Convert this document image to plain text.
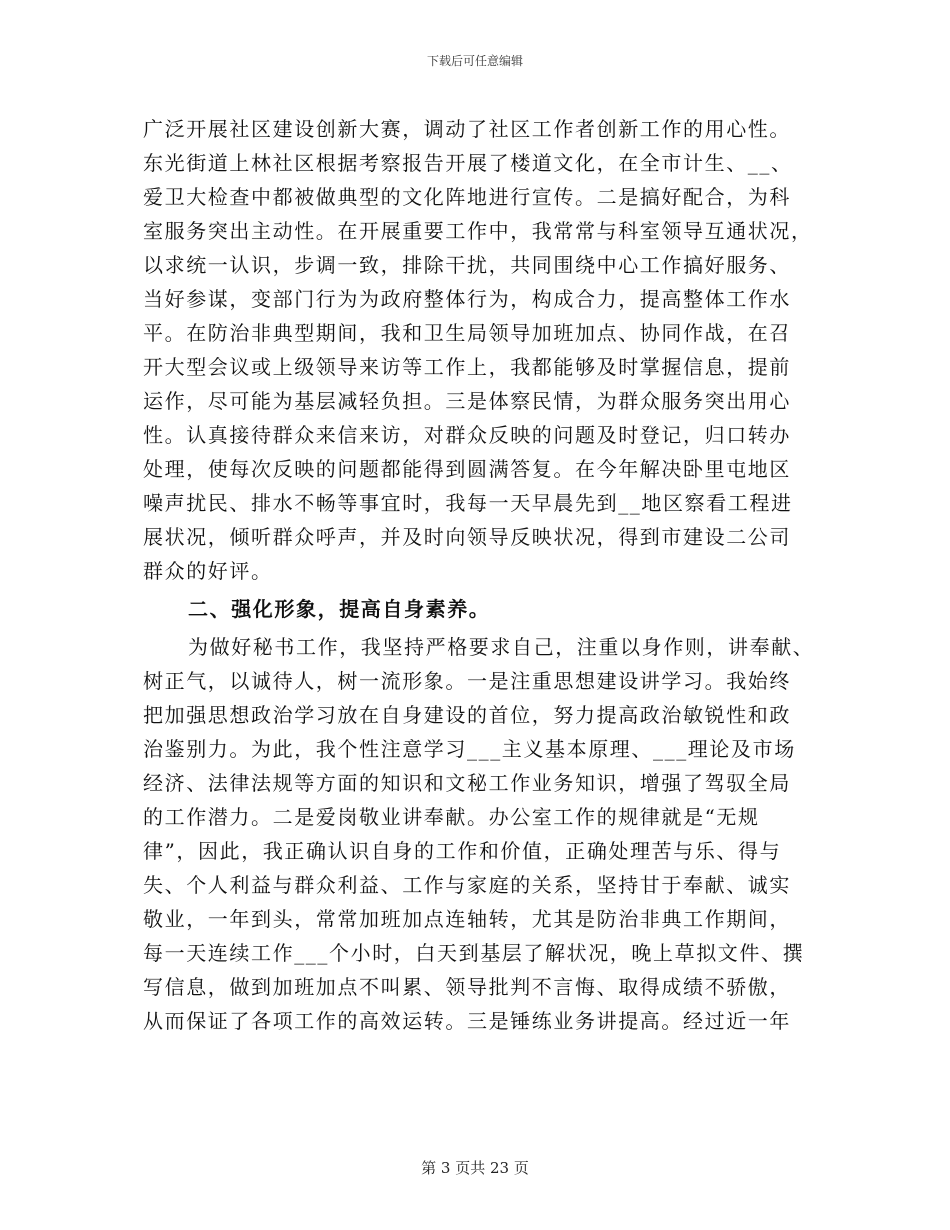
下载后可任意编辑
广泛开展社区建设创新大赛，调动了社区工作者创新工作的用心性。
东光街道上林社区根据考察报告开展了楼道文化，在全市计生、__、
爱卫大检查中都被做典型的文化阵地进行宣传。二是搞好配合，为科
室服务突出主动性。在开展重要工作中，我常常与科室领导互通状况，
以求统一认识，步调一致，排除干扰，共同围绕中心工作搞好服务、
当好参谋，变部门行为为政府整体行为，构成合力，提高整体工作水
平。在防治非典型期间，我和卫生局领导加班加点、协同作战，在召
开大型会议或上级领导来访等工作上，我都能够及时掌握信息，提前
运作，尽可能为基层减轻负担。三是体察民情，为群众服务突出用心
性。认真接待群众来信来访，对群众反映的问题及时登记，归口转办
处理，使每次反映的问题都能得到圆满答复。在今年解决卧里屯地区
噪声扰民、排水不畅等事宜时，我每一天早晨先到__地区察看工程进
展状况，倾听群众呼声，并及时向领导反映状况，得到市建设二公司
群众的好评。
二、强化形象，提高自身素养。
为做好秘书工作，我坚持严格要求自己，注重以身作则，讲奉献、
树正气，以诚待人，树一流形象。一是注重思想建设讲学习。我始终
把加强思想政治学习放在自身建设的首位，努力提高政治敏锐性和政
治鉴别力。为此，我个性注意学习___主义基本原理、___理论及市场
经济、法律法规等方面的知识和文秘工作业务知识，增强了驾驭全局
的工作潜力。二是爱岗敬业讲奉献。办公室工作的规律就是“无规
律”，因此，我正确认识自身的工作和价值，正确处理苦与乐、得与
失、个人利益与群众利益、工作与家庭的关系，坚持甘于奉献、诚实
敬业，一年到头，常常加班加点连轴转，尤其是防治非典工作期间，
每一天连续工作___个小时，白天到基层了解状况，晚上草拟文件、撰
写信息，做到加班加点不叫累、领导批判不言悔、取得成绩不骄傲，
从而保证了各项工作的高效运转。三是锤练业务讲提高。经过近一年
第 3 页共 23 页
